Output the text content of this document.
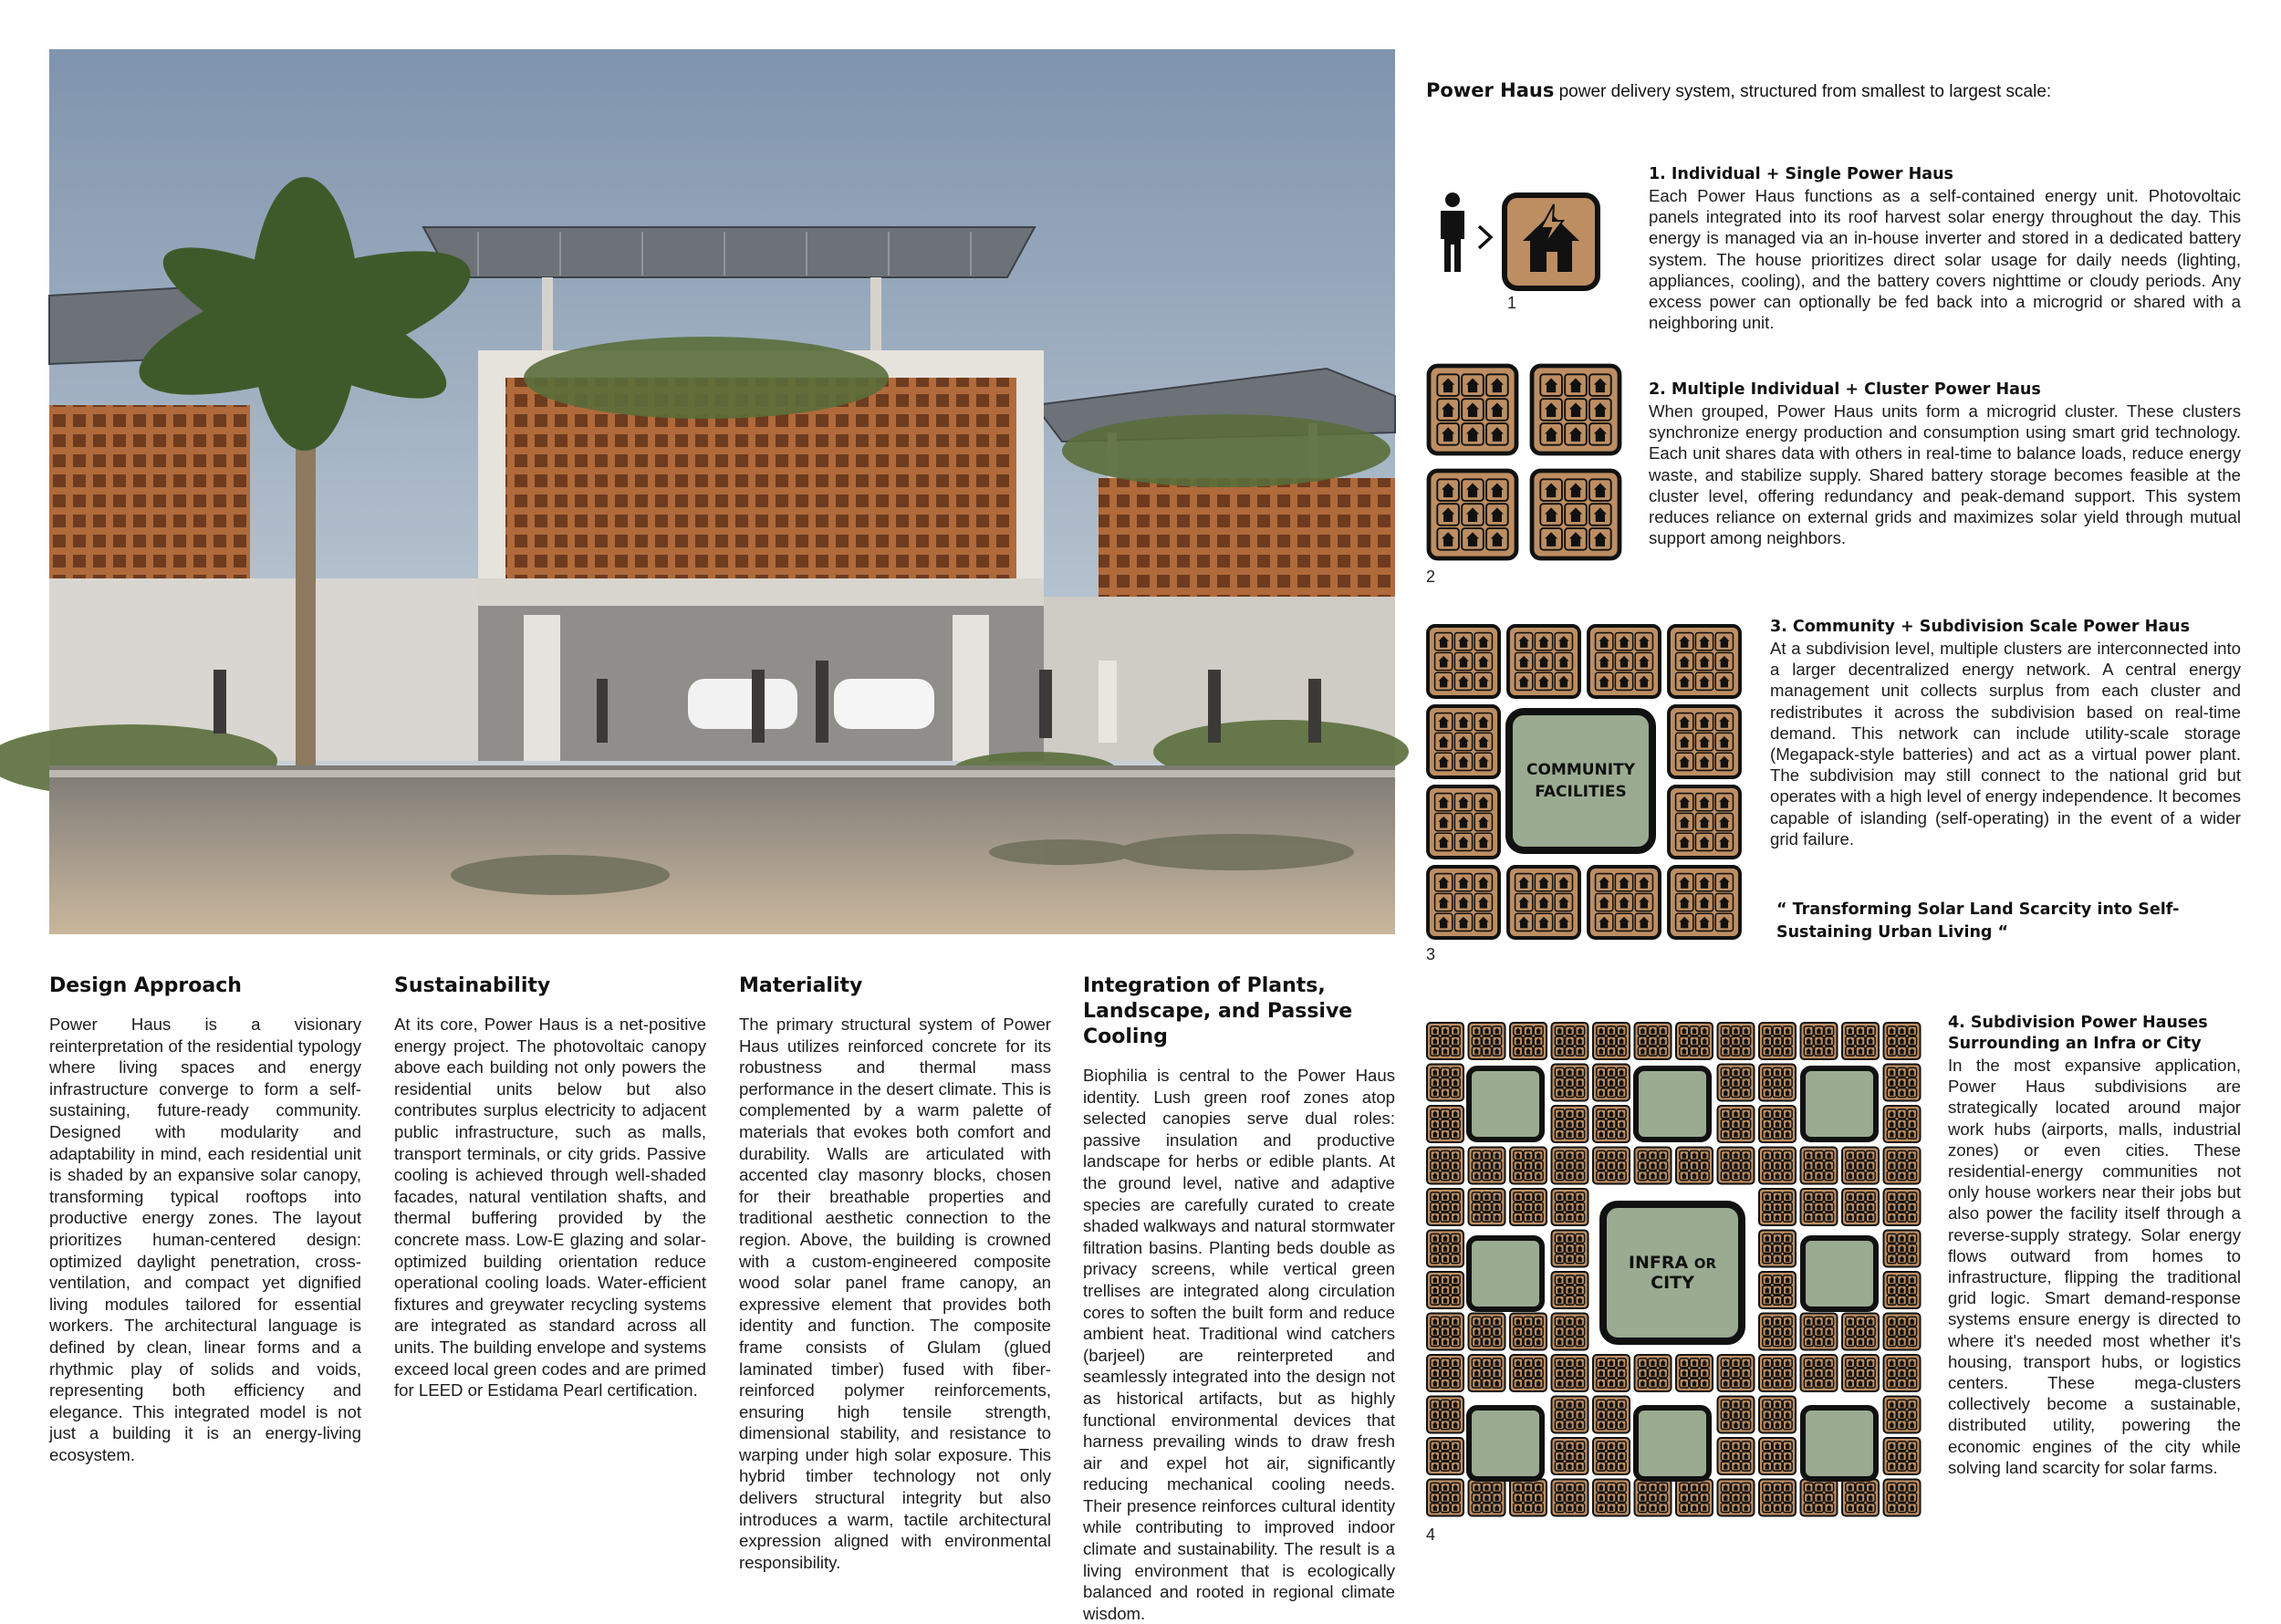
Design Approach

Power Haus is a visionary reinterpretation of the residential typology where living spaces and energy infrastructure converge to form a self-sustaining, future-ready community. Designed with modularity and adaptability in mind, each residential unit is shaded by an expansive solar canopy, transforming typical rooftops into productive energy zones. The layout prioritizes human-centered design: optimized daylight penetration, cross-ventilation, and compact yet dignified living modules tailored for essential workers. The architectural language is defined by clean, linear forms and a rhythmic play of solids and voids, representing both efficiency and elegance. This integrated model is not just a building it is an energy-living ecosystem.

Sustainability

At its core, Power Haus is a net-positive energy project. The photovoltaic canopy above each building not only powers the residential units below but also contributes surplus electricity to adjacent public infrastructure, such as malls, transport terminals, or city grids. Passive cooling is achieved through well-shaded facades, natural ventilation shafts, and thermal buffering provided by the concrete mass. Low-E glazing and solar-optimized building orientation reduce operational cooling loads. Water-efficient fixtures and greywater recycling systems are integrated as standard across all units. The building envelope and systems exceed local green codes and are primed for LEED or Estidama Pearl certification.

Materiality

The primary structural system of Power Haus utilizes reinforced concrete for its robustness and thermal mass performance in the desert climate. This is complemented by a warm palette of materials that evokes both comfort and durability. Walls are articulated with accented clay masonry blocks, chosen for their breathable properties and traditional aesthetic connection to the region. Above, the building is crowned with a custom-engineered composite wood solar panel frame canopy, an expressive element that provides both identity and function. The composite frame consists of Glulam (glued laminated timber) fused with fiber-reinforced polymer reinforcements, ensuring high tensile strength, dimensional stability, and resistance to warping under high solar exposure. This hybrid timber technology not only delivers structural integrity but also introduces a warm, tactile architectural expression aligned with environmental responsibility.

Integration of Plants, Landscape, and Passive Cooling

Biophilia is central to the Power Haus identity. Lush green roof zones atop selected canopies serve dual roles: passive insulation and productive landscape for herbs or edible plants. At the ground level, native and adaptive species are carefully curated to create shaded walkways and natural stormwater filtration basins. Planting beds double as privacy screens, while vertical green trellises are integrated along circulation cores to soften the built form and reduce ambient heat. Traditional wind catchers (barjeel) are reinterpreted and seamlessly integrated into the design not as historical artifacts, but as highly functional environmental devices that harness prevailing winds to draw fresh air and expel hot air, significantly reducing mechanical cooling needs. Their presence reinforces cultural identity while contributing to improved indoor climate and sustainability. The result is a living environment that is ecologically balanced and rooted in regional climate wisdom.

Power Haus power delivery system, structured from smallest to largest scale:
1
1. Individual + Single Power Haus
Each Power Haus functions as a self-contained energy unit. Photovoltaic panels integrated into its roof harvest solar energy throughout the day. This energy is managed via an in-house inverter and stored in a dedicated battery system. The house prioritizes direct solar usage for daily needs (lighting, appliances, cooling), and the battery covers nighttime or cloudy periods. Any excess power can optionally be fed back into a microgrid or shared with a neighboring unit.
2
2. Multiple Individual + Cluster Power Haus
When grouped, Power Haus units form a microgrid cluster. These clusters synchronize energy production and consumption using smart grid technology. Each unit shares data with others in real-time to balance loads, reduce energy waste, and stabilize supply. Shared battery storage becomes feasible at the cluster level, offering redundancy and peak-demand support. This system reduces reliance on external grids and maximizes solar yield through mutual support among neighbors.
COMMUNITY FACILITIES
3
3. Community + Subdivision Scale Power Haus
At a subdivision level, multiple clusters are interconnected into a larger decentralized energy network. A central energy management unit collects surplus from each cluster and redistributes it across the subdivision based on real-time demand. This network can include utility-scale storage (Megapack-style batteries) and act as a virtual power plant. The subdivision may still connect to the national grid but operates with a high level of energy independence. It becomes capable of islanding (self-operating) in the event of a wider grid failure.
“ Transforming Solar Land Scarcity into Self-Sustaining Urban Living “
INFRA OR CITY
4
4. Subdivision Power Hauses Surrounding an Infra or City
In the most expansive application, Power Haus subdivisions are strategically located around major work hubs (airports, malls, industrial zones) or even cities. These residential-energy communities not only house workers near their jobs but also power the facility itself through a reverse-supply strategy. Solar energy flows outward from homes to infrastructure, flipping the traditional grid logic. Smart demand-response systems ensure energy is directed to where it's needed most whether it's housing, transport hubs, or logistics centers. These mega-clusters collectively become a sustainable, distributed utility, powering the economic engines of the city while solving land scarcity for solar farms.
